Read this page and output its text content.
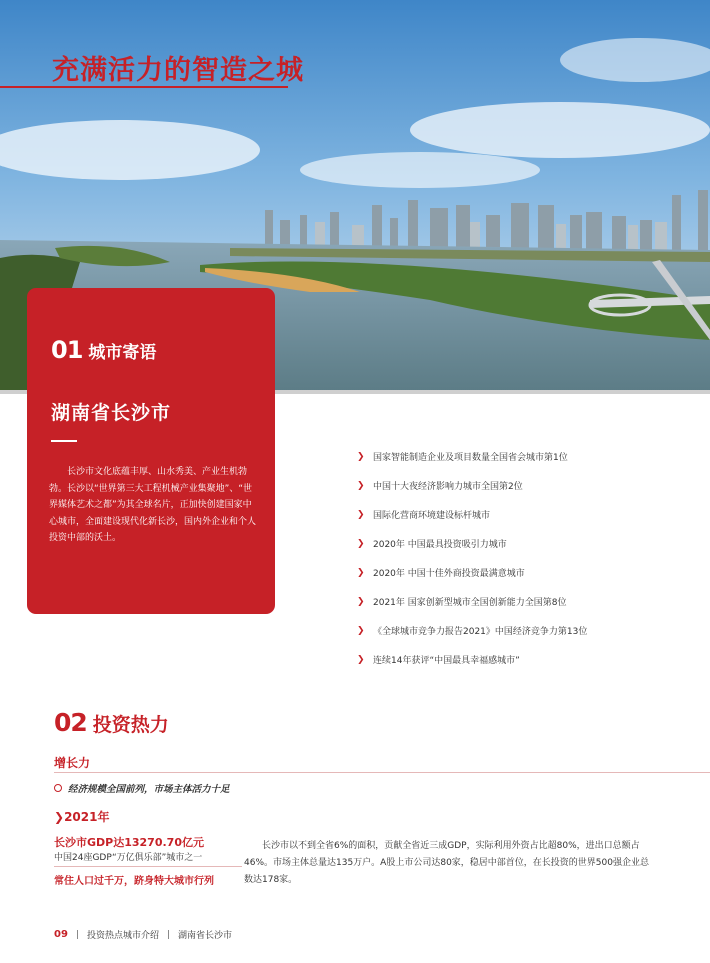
充满活力的智造之城
01 城市寄语
湖南省长沙市
长沙市文化底蕴丰厚、山水秀美、产业生机勃勃。长沙以“世界第三大工程机械产业集聚地”、“世界媒体艺术之都”为其全球名片，正加快创建国家中心城市，全面建设现代化新长沙，国内外企业和个人投资中部的沃土。
❯ 国家智能制造企业及项目数量全国省会城市第1位
❯ 中国十大夜经济影响力城市全国第2位
❯ 国际化营商环境建设标杆城市
❯ 2020年 中国最具投资吸引力城市
❯ 2020年 中国十佳外商投资最满意城市
❯ 2021年 国家创新型城市全国创新能力全国第8位
❯ 《全球城市竞争力报告2021》中国经济竞争力第13位
❯ 连续14年获评“中国最具幸福感城市”
02 投资热力
增长力
经济规模全国前列，市场主体活力十足
❯2021年
长沙市GDP达13270.70亿元
中国24座GDP“万亿俱乐部”城市之一
常住人口过千万，跻身特大城市行列
长沙市以不到全省6%的面积，贡献全省近三成GDP，实际利用外资占比超80%，进出口总额占46%。市场主体总量达135万户。A股上市公司达80家，稳居中部首位，在长投资的世界500强企业总数达178家。
09 | 投资热点城市介绍 | 湖南省长沙市
